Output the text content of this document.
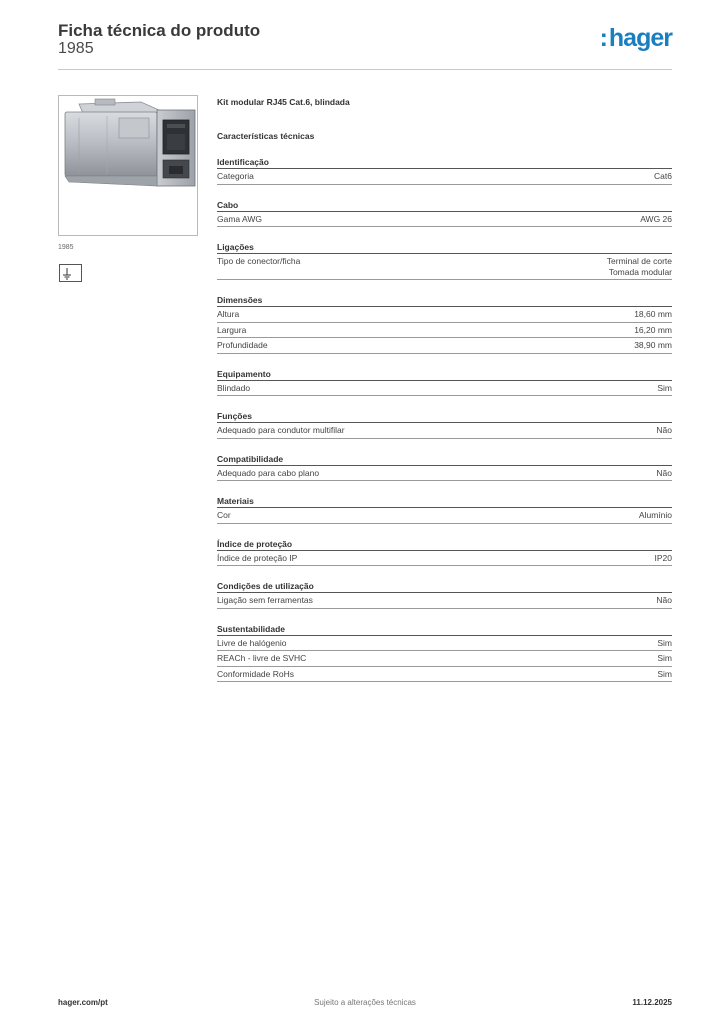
Ficha técnica do produto
1985	:hager
1985
Kit modular RJ45 Cat.6, blindada
Características técnicas
Identificação
Categoria	Cat6
Cabo
Gama AWG	AWG 26
Ligações
Tipo de conector/ficha	Terminal de corte
Tomada modular
Dimensões
Altura	18,60 mm
Largura	16,20 mm
Profundidade	38,90 mm
Equipamento
Blindado	Sim
Funções
Adequado para condutor multifilar	Não
Compatibilidade
Adequado para cabo plano	Não
Materiais
Cor	Alumínio
Índice de proteção
Índice de proteção IP	IP20
Condições de utilização
Ligação sem ferramentas	Não
Sustentabilidade
Livre de halógenio	Sim
REACh - livre de SVHC	Sim
Conformidade RoHs	Sim
hager.com/pt	Sujeito a alterações técnicas	11.12.2025
